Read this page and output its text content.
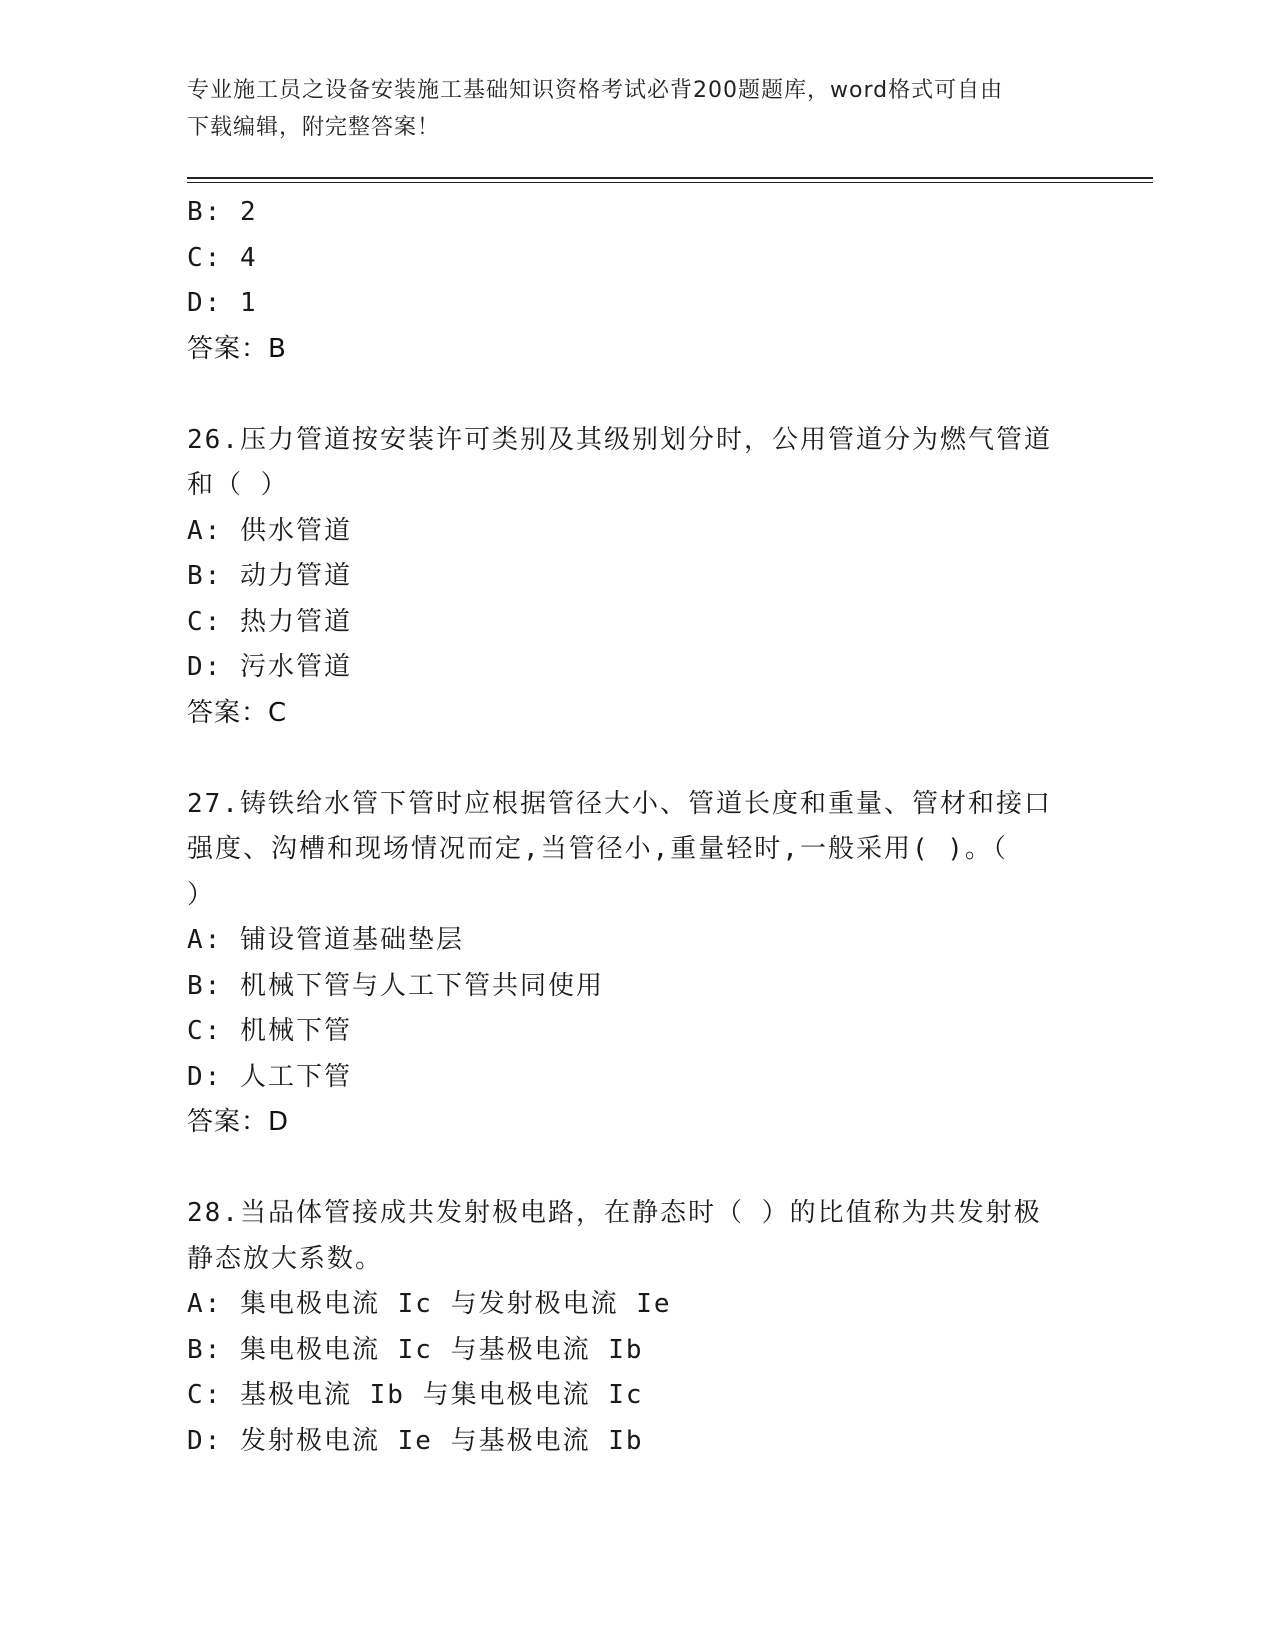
专业施工员之设备安装施工基础知识资格考试必背200题题库，word格式可自由
下载编辑，附完整答案！
B: 2
C: 4
D: 1
答案：B
26.压力管道按安装许可类别及其级别划分时，公用管道分为燃气管道
和（ ）
A: 供水管道
B: 动力管道
C: 热力管道
D: 污水管道
答案：C
27.铸铁给水管下管时应根据管径大小、管道长度和重量、管材和接口
强度、沟槽和现场情况而定,当管径小,重量轻时,一般采用( )。（
）
A: 铺设管道基础垫层
B: 机械下管与人工下管共同使用
C: 机械下管
D: 人工下管
答案：D
28.当品体管接成共发射极电路，在静态时（ ）的比值称为共发射极
静态放大系数。
A: 集电极电流 Ic 与发射极电流 Ie
B: 集电极电流 Ic 与基极电流 Ib
C: 基极电流 Ib 与集电极电流 Ic
D: 发射极电流 Ie 与基极电流 Ib
